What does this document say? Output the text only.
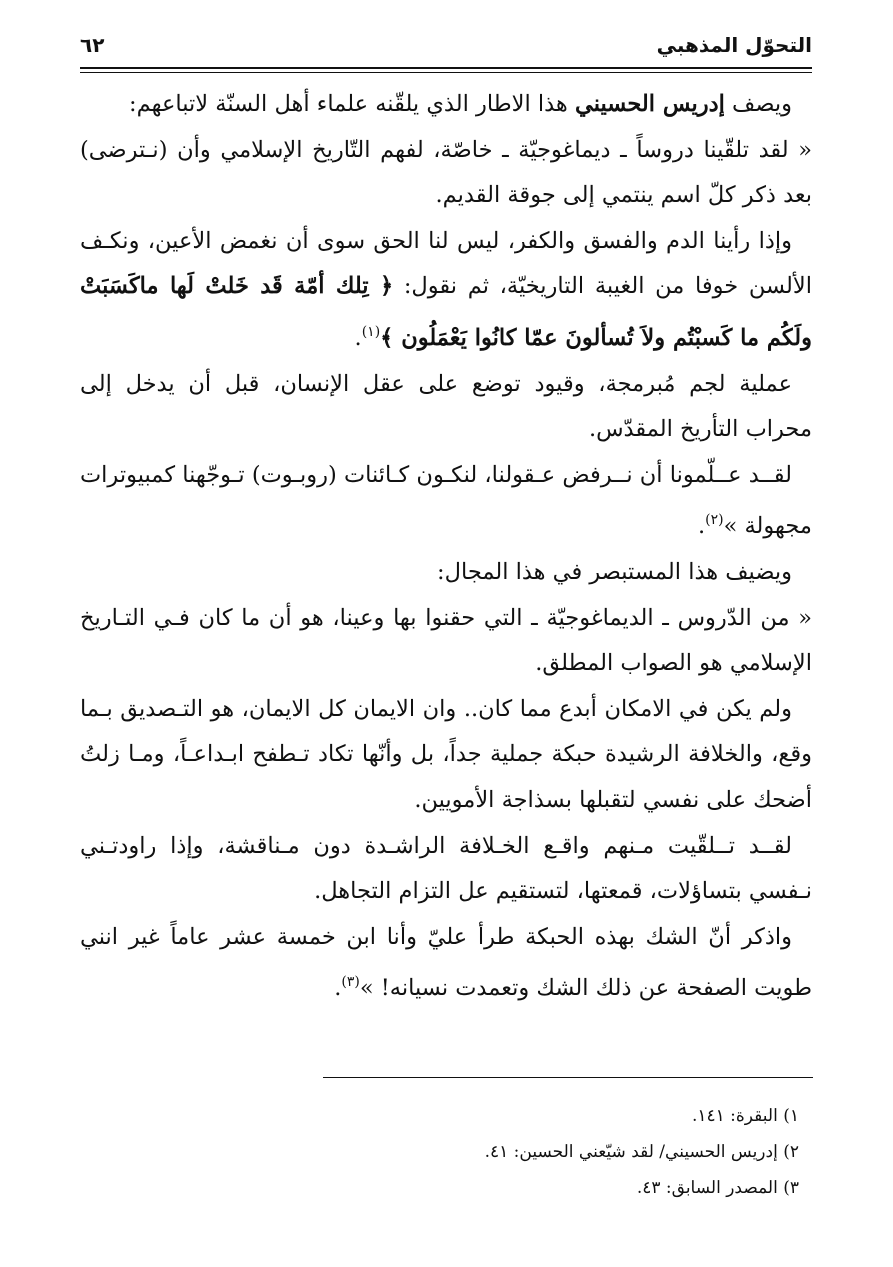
التحوّل المذهبي
٦٢

ويصف إدريس الحسيني هذا الاطار الذي يلقّنه علماء أهل السنّة لاتباعهم:

« لقد تلقّينا دروساً ـ ديماغوجيّة ـ خاصّة، لفهم التّاريخ الإسلامي وأن (نـترضى) بعد ذكر كلّ اسم ينتمي إلى جوقة القديم.

وإذا رأينا الدم والفسق والكفر، ليس لنا الحق سوى أن نغمض الأعين، ونكـف الألسن خوفا من الغيبة التاريخيّة، ثم نقول: ﴿ تِلك أمّة قَد خَلتْ لَها ماكَسَبَتْ ولَكُم ما كَسبْتُم ولاَ تُسألونَ عمّا كانُوا يَعْمَلُون ﴾$^{(١)}$.

عملية لجم مُبرمجة، وقيود توضع على عقل الإنسان، قبل أن يدخل إلى محراب التأريخ المقدّس.

لقــد عــلّمونا أن نــرفض عـقولنا، لنكـون كـائنات (روبـوت) تـوجّهنا كمبيوترات مجهولة »$^{(٢)}$.

ويضيف هذا المستبصر في هذا المجال:

« من الدّروس ـ الديماغوجيّة ـ التي حقنوا بها وعينا، هو أن ما كان فـي التـاريخ الإسلامي هو الصواب المطلق.

ولم يكن في الامكان أبدع مما كان.. وان الايمان كل الايمان، هو التـصديق بـما وقع، والخلافة الرشيدة حبكة جملية جداً، بل وأنّها تكاد تـطفح ابـداعـاً، ومـا زلتُ أضحك على نفسي لتقبلها بسذاجة الأمويين.

لقــد تــلقّيت مـنهم واقـع الخـلافة الراشـدة دون مـناقشة، وإذا راودتـني نـفسي بتساؤلات، قمعتها، لتستقيم عل التزام التجاهل.

واذكر أنّ الشك بهذه الحبكة طرأ عليّ وأنا ابن خمسة عشر عاماً غير انني طويت الصفحة عن ذلك الشك وتعمدت نسيانه! »$^{(٣)}$.

١) البقرة: ١٤١.

٢) إدريس الحسيني/ لقد شيّعني الحسين: ٤١.

٣) المصدر السابق: ٤٣.
